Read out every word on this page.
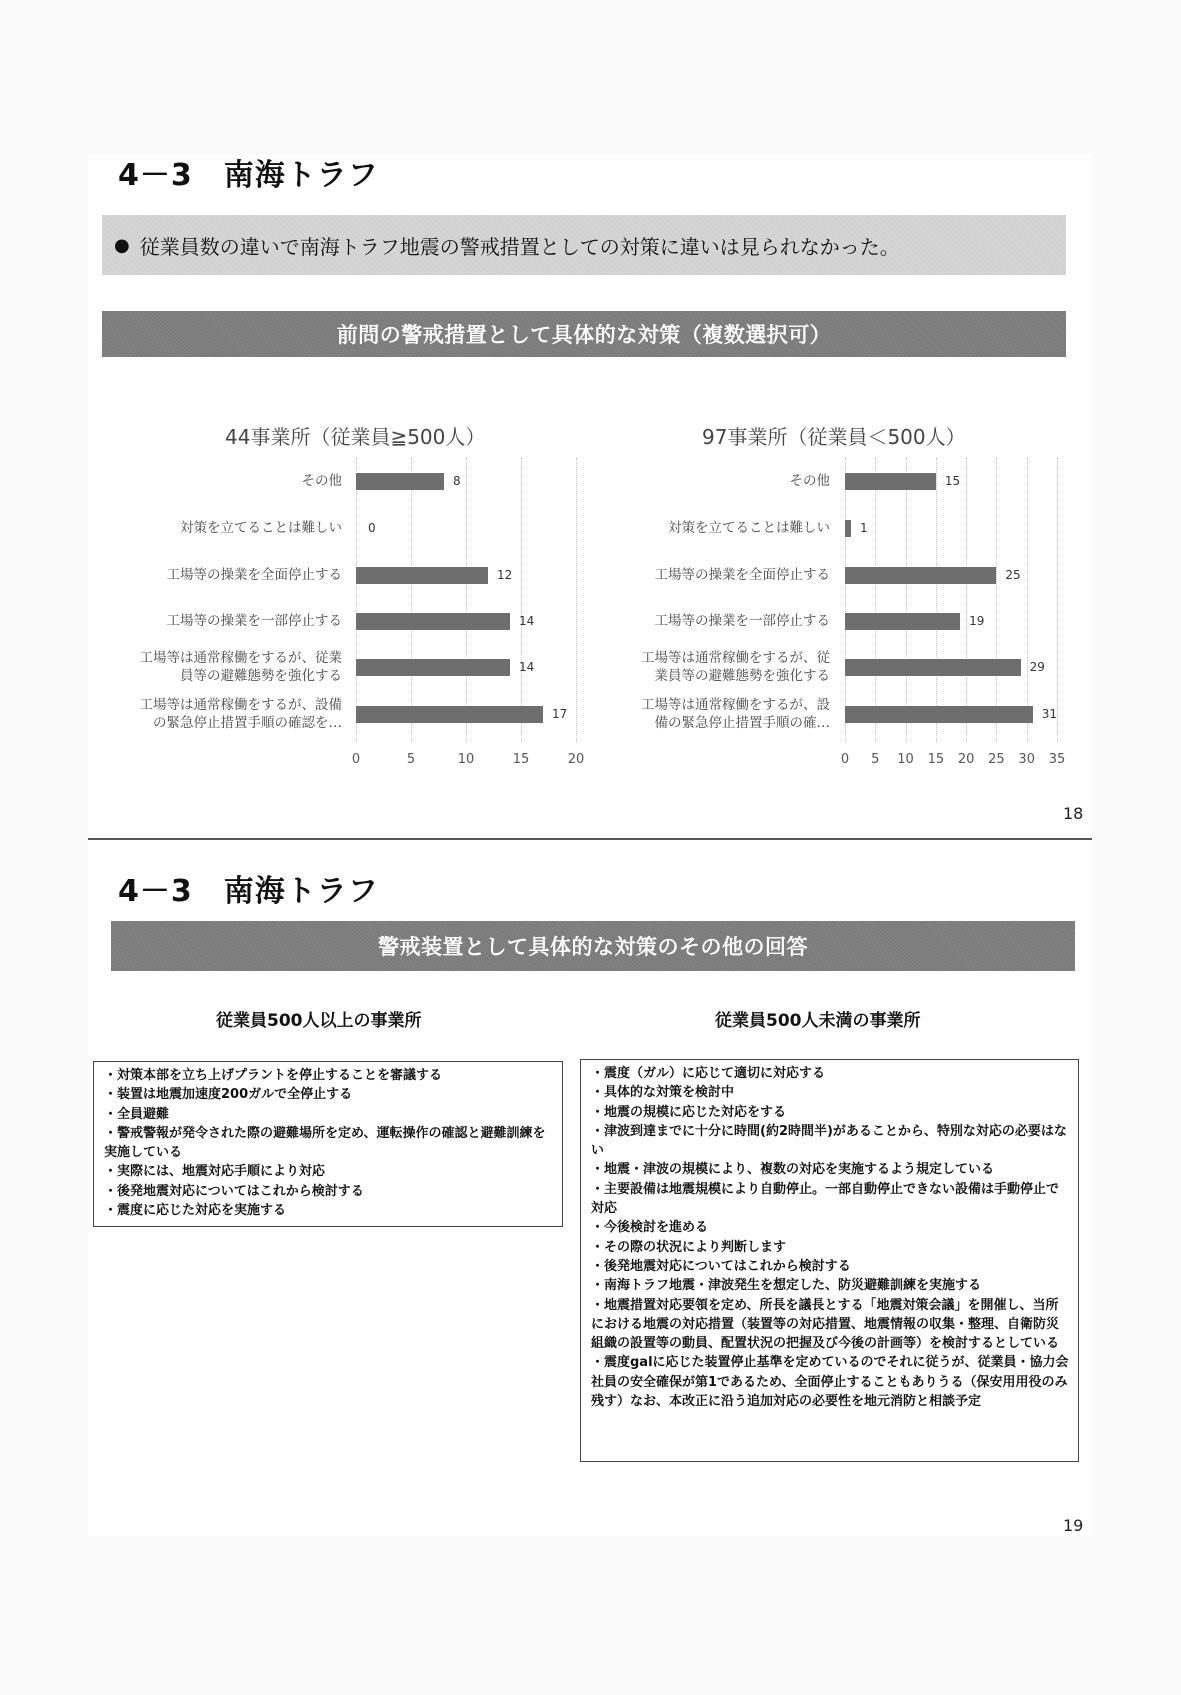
4－3　南海トラフ
● 従業員数の違いで南海トラフ地震の警戒措置としての対策に違いは見られなかった。
前問の警戒措置として具体的な対策（複数選択可）
44事業所（従業員≧500人）
0	5	10	15	20
8
その他
0
対策を立てることは難しい
12
工場等の操業を全面停止する
14
工場等の操業を一部停止する
14
工場等は通常稼働をするが、従業
員等の避難態勢を強化する
17
工場等は通常稼働をするが、設備
の緊急停止措置手順の確認を…
97事業所（従業員＜500人）
0 5 10 15 20 25 30 35
15
その他
1
対策を立てることは難しい
25
工場等の操業を全面停止する
19
工場等の操業を一部停止する
29
工場等は通常稼働をするが、従
業員等の避難態勢を強化する
31
工場等は通常稼働をするが、設
備の緊急停止措置手順の確…
18
4－3　南海トラフ
警戒装置として具体的な対策のその他の回答
従業員500人以上の事業所	従業員500人未満の事業所

・対策本部を立ち上げプラントを停止することを審議する

・装置は地震加速度200ガルで全停止する

・全員避難

・警戒警報が発令された際の避難場所を定め、運転操作の確認と避難訓練を実施している

・実際には、地震対応手順により対応

・後発地震対応についてはこれから検討する

・震度に応じた対応を実施する

・震度（ガル）に応じて適切に対応する

・具体的な対策を検討中

・地震の規模に応じた対応をする

・津波到達までに十分に時間(約2時間半)があることから、特別な対応の必要はない

・地震・津波の規模により、複数の対応を実施するよう規定している

・主要設備は地震規模により自動停止。一部自動停止できない設備は手動停止で対応

・今後検討を進める

・その際の状況により判断します

・後発地震対応についてはこれから検討する

・南海トラフ地震・津波発生を想定した、防災避難訓練を実施する

・地震措置対応要領を定め、所長を議長とする「地震対策会議」を開催し、当所における地震の対応措置（装置等の対応措置、地震情報の収集・整理、自衛防災組織の設置等の動員、配置状況の把握及び今後の計画等）を検討するとしている

・震度galに応じた装置停止基準を定めているのでそれに従うが、従業員・協力会社員の安全確保が第1であるため、全面停止することもありうる（保安用用役のみ残す）なお、本改正に沿う追加対応の必要性を地元消防と相談予定

19
